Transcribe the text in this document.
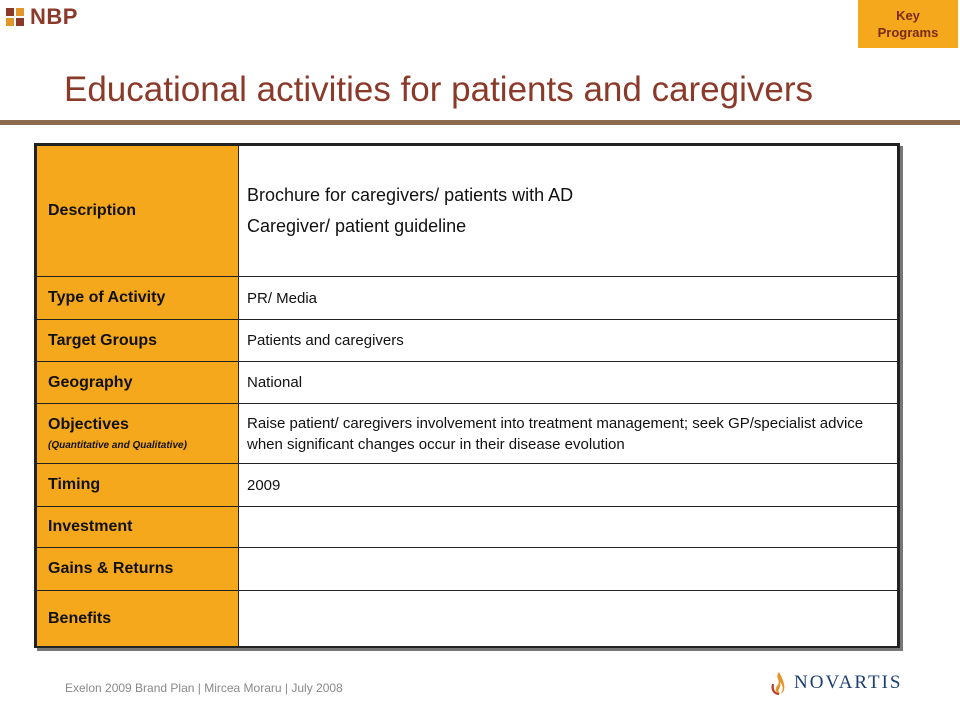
NBP	Key
Programs
Educational activities for patients and caregivers
Description	Brochure for caregivers/ patients with AD
Caregiver/ patient guideline

Type of Activity	PR/ Media
Target Groups	Patients and caregivers
Geography	National

Objectives
(Quantitative and Qualitative)	Raise patient/ caregivers involvement into treatment management; seek GP/specialist advice when significant changes occur in their disease evolution
Timing	2009
Investment	
Gains & Returns	
Benefits	
Exelon 2009 Brand Plan | Mircea Moraru | July 2008	NOVARTIS
